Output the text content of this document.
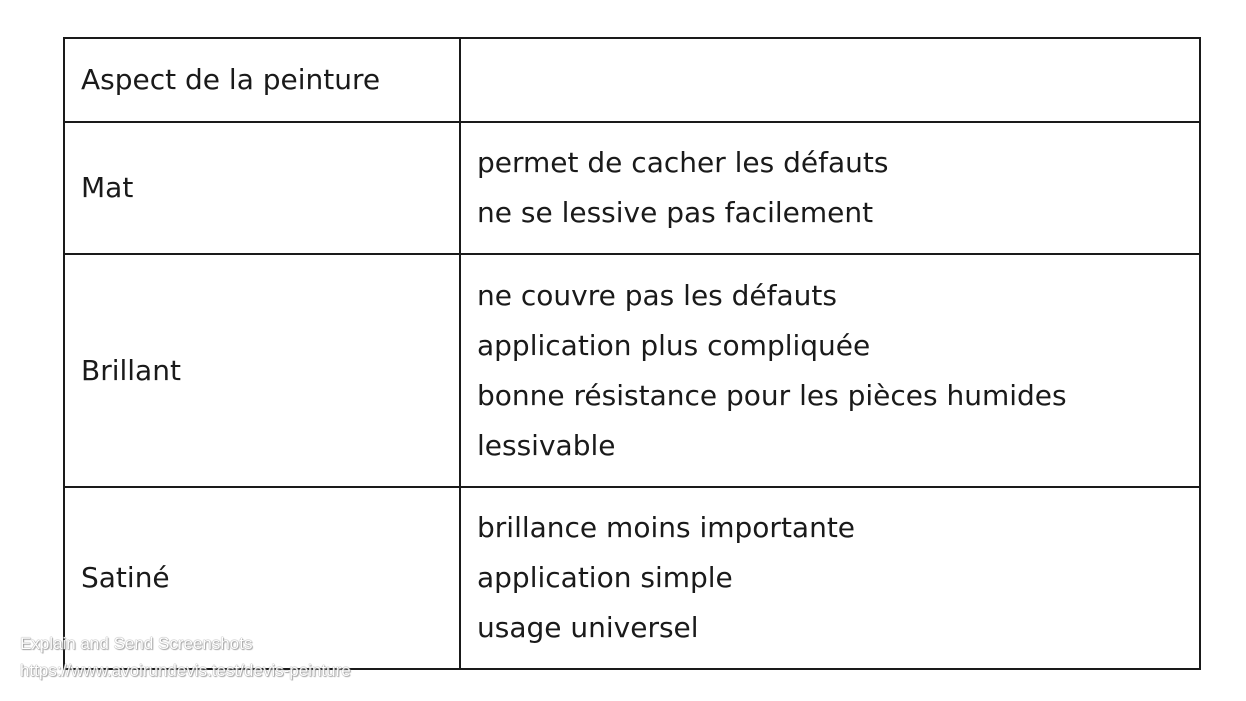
Aspect de la peinture	
Mat	permet de cacher les défauts
ne se lessive pas facilement

Brillant	ne couvre pas les défauts
application plus compliquée
bonne résistance pour les pièces humides
lessivable

Satiné	brillance moins importante
application simple
usage universel
Explain and Send Screenshots
https://www.avoirundevis.test/devis-peinture
